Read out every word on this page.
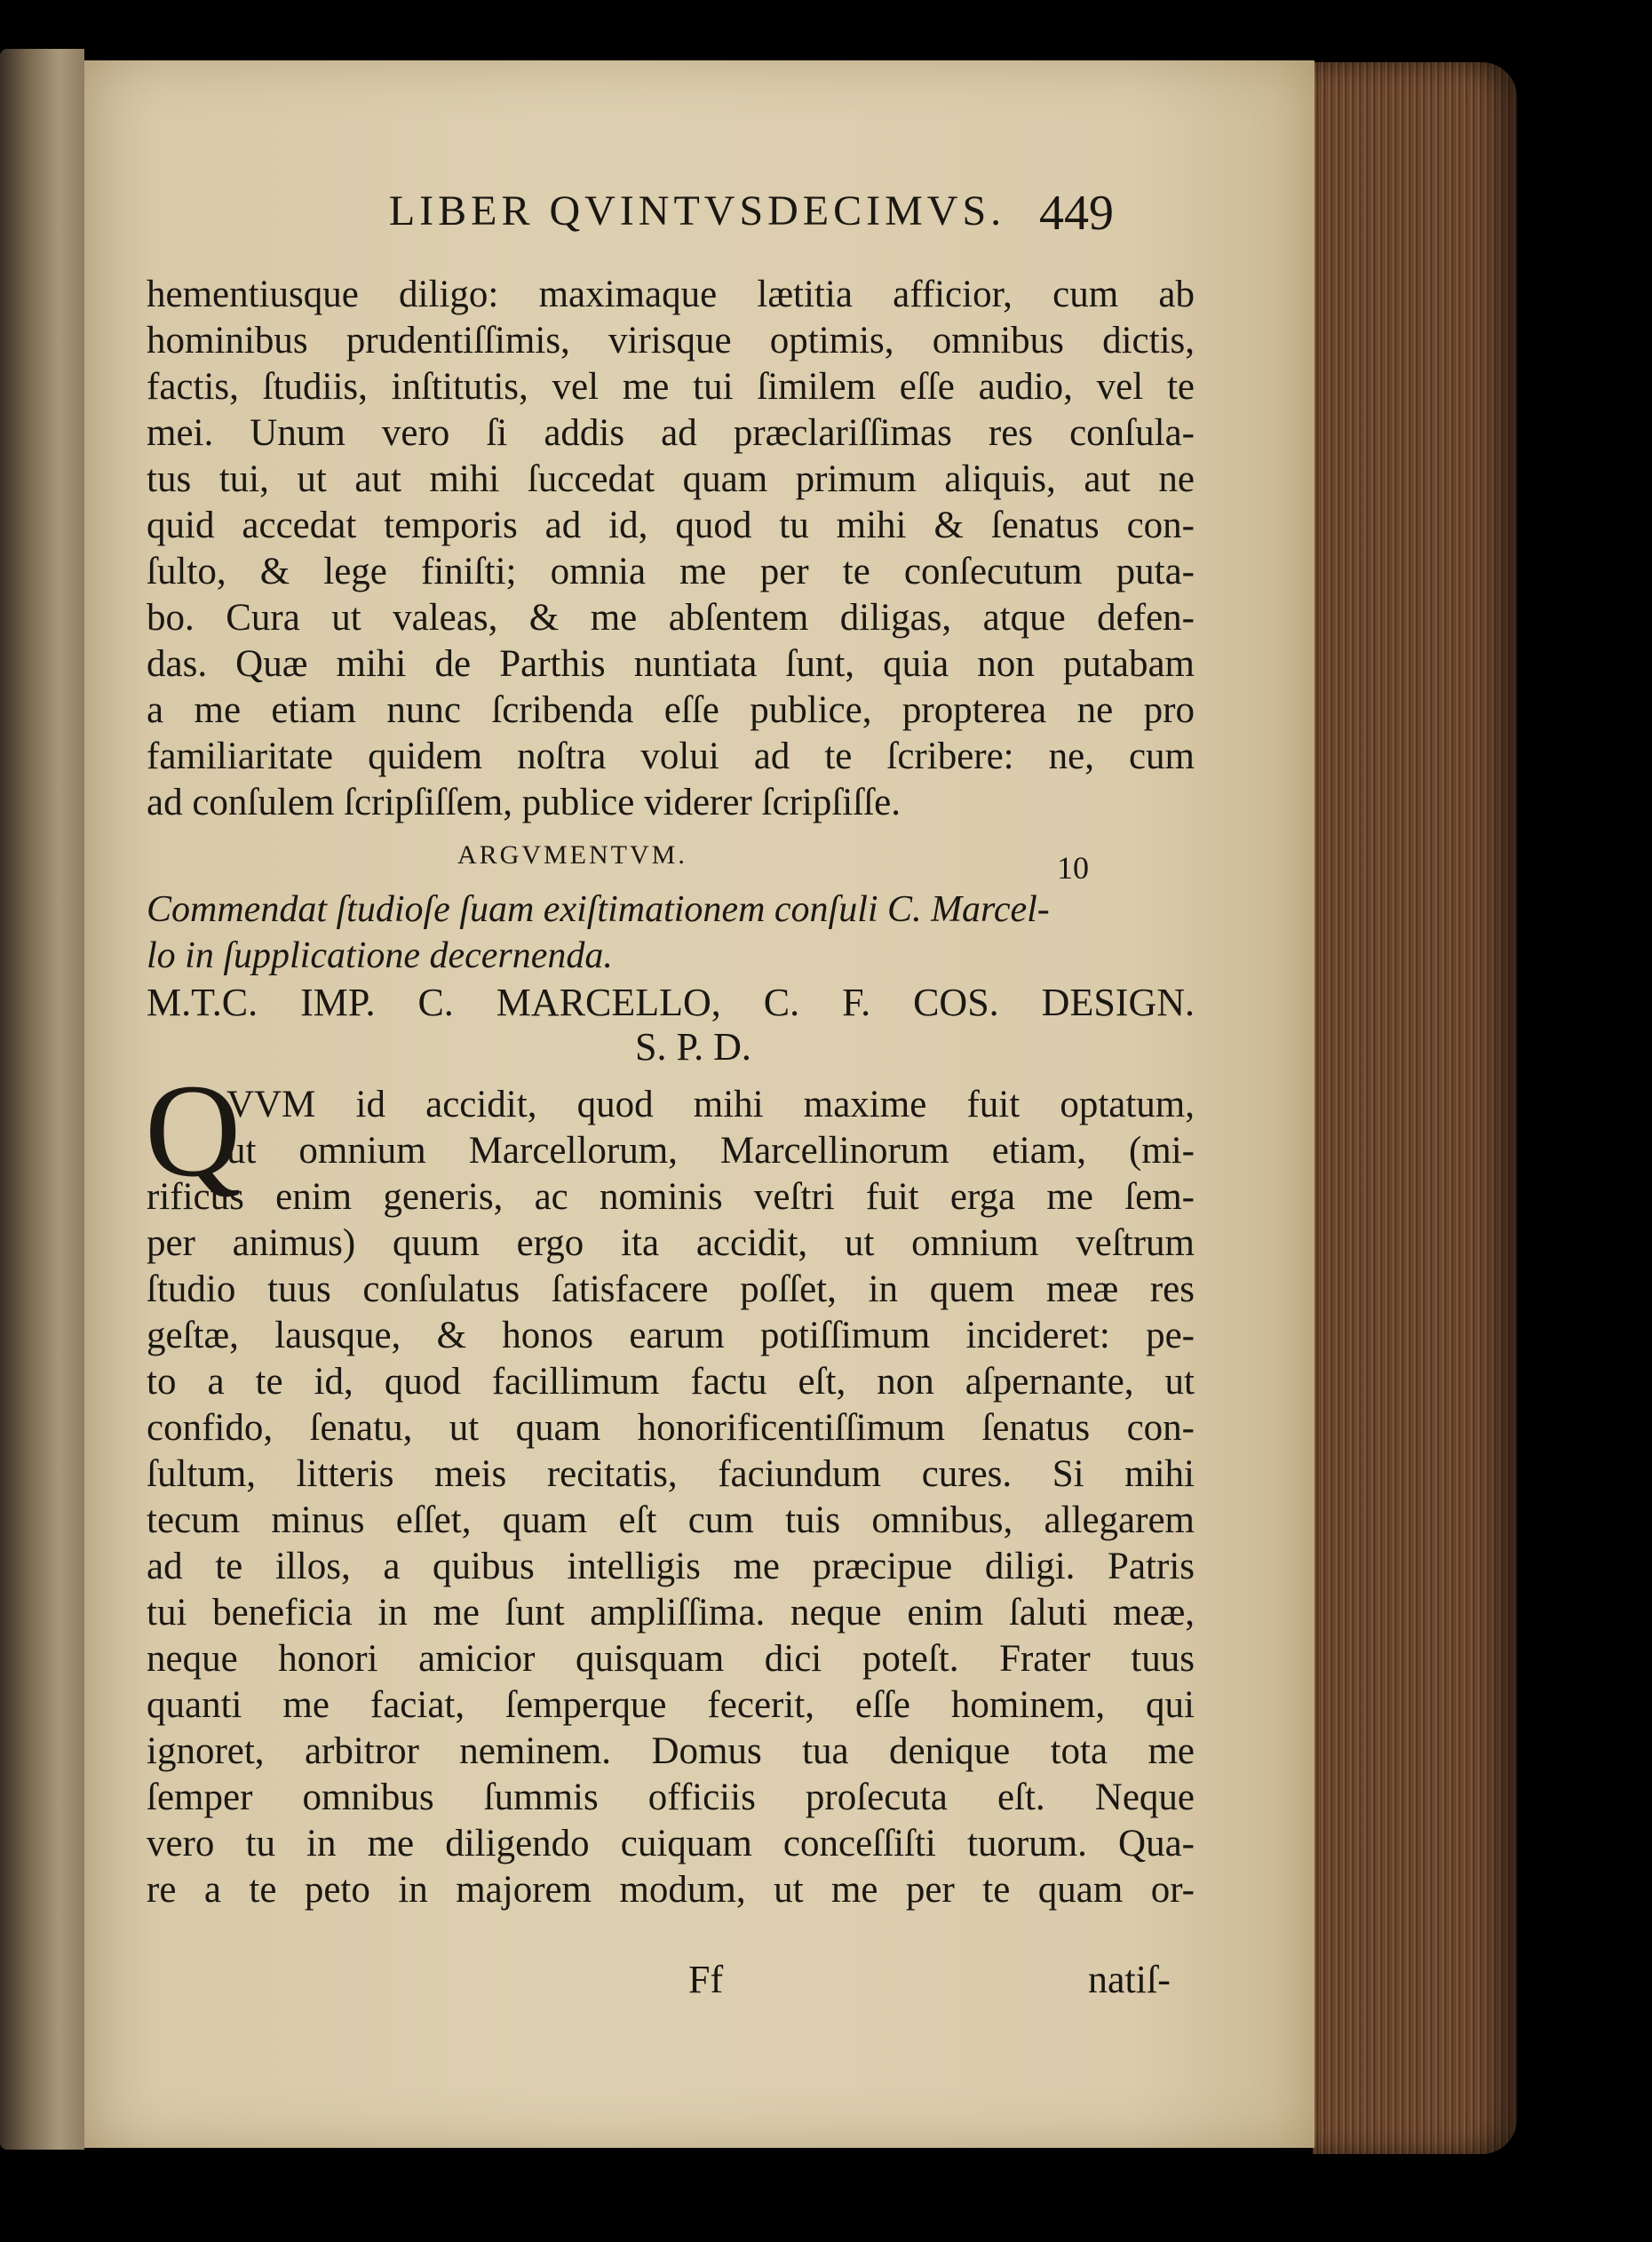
LIBER QVINTVSDECIMVS. 449
hementiusque diligo: maximaque lætitia afficior, cum ab
hominibus prudentiſſimis, virisque optimis, omnibus dictis,
factis, ſtudiis, inſtitutis, vel me tui ſimilem eſſe audio, vel te
mei. Unum vero ſi addis ad præclariſſimas res conſula-
tus tui, ut aut mihi ſuccedat quam primum aliquis, aut ne
quid accedat temporis ad id, quod tu mihi & ſenatus con-
ſulto, & lege finiſti; omnia me per te conſecutum puta-
bo. Cura ut valeas, & me abſentem diligas, atque defen-
das. Quæ mihi de Parthis nuntiata ſunt, quia non putabam
a me etiam nunc ſcribenda eſſe publice, propterea ne pro
familiaritate quidem noſtra volui ad te ſcribere: ne, cum
ad conſulem ſcripſiſſem, publice viderer ſcripſiſſe.
ARGVMENTVM.	10
Commendat ſtudioſe ſuam exiſtimationem conſuli C. Marcel-
lo in ſupplicatione decernenda.
M.T.C. IMP. C. MARCELLO, C. F. COS. DESIGN.
S. P. D.
Q
VVM id accidit, quod mihi maxime fuit optatum,
ut omnium Marcellorum, Marcellinorum etiam, (mi-
rificus enim generis, ac nominis veſtri fuit erga me ſem-
per animus) quum ergo ita accidit, ut omnium veſtrum
ſtudio tuus conſulatus ſatisfacere poſſet, in quem meæ res
geſtæ, lausque, & honos earum potiſſimum incideret: pe-
to a te id, quod facillimum factu eſt, non aſpernante, ut
confido, ſenatu, ut quam honorificentiſſimum ſenatus con-
ſultum, litteris meis recitatis, faciundum cures. Si mihi
tecum minus eſſet, quam eſt cum tuis omnibus, allegarem
ad te illos, a quibus intelligis me præcipue diligi. Patris
tui beneficia in me ſunt ampliſſima. neque enim ſaluti meæ,
neque honori amicior quisquam dici poteſt. Frater tuus
quanti me faciat, ſemperque fecerit, eſſe hominem, qui
ignoret, arbitror neminem. Domus tua denique tota me
ſemper omnibus ſummis officiis proſecuta eſt. Neque
vero tu in me diligendo cuiquam conceſſiſti tuorum. Qua-
re a te peto in majorem modum, ut me per te quam or-
Ff	natiſ-
